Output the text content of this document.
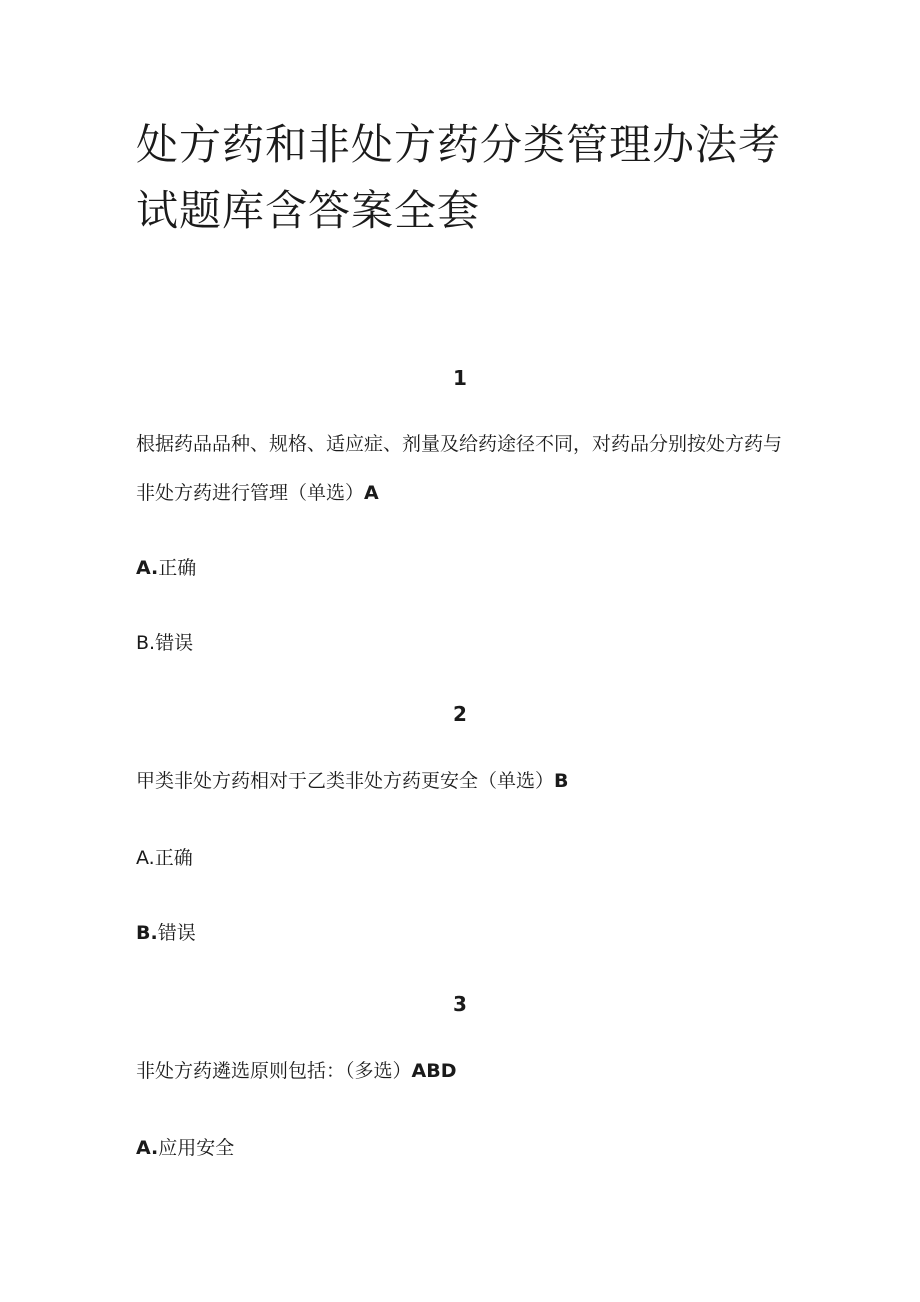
处方药和非处方药分类管理办法考试题库含答案全套
1
根据药品品种、规格、适应症、剂量及给药途径不同，对药品分别按处方药与非处方药进行管理（单选）A
A.正确
B.错误
2
甲类非处方药相对于乙类非处方药更安全（单选）B
A.正确
B.错误
3
非处方药遴选原则包括：（多选）ABD
A.应用安全
